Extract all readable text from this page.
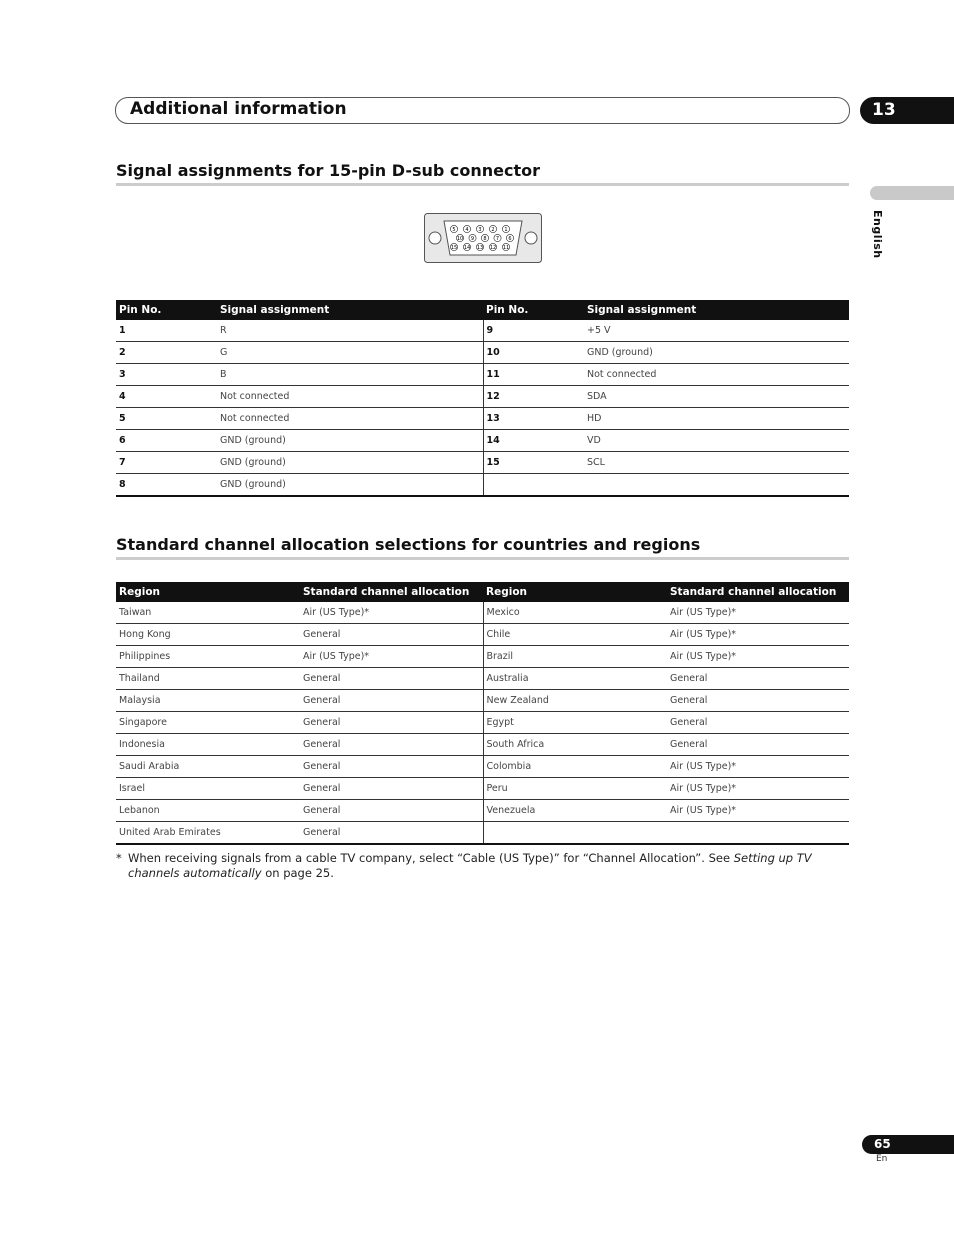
Additional information	13
English
Signal assignments for 15-pin D-sub connector
5 4 3 2 1
10 9 8 7 6
15 14 13 12 11
Pin No.	Signal assignment	Pin No.	Signal assignment
1	R	9	+5 V
2	G	10	GND (ground)
3	B	11	Not connected
4	Not connected	12	SDA
5	Not connected	13	HD
6	GND (ground)	14	VD
7	GND (ground)	15	SCL
8	GND (ground)		
Standard channel allocation selections for countries and regions
Region	Standard channel allocation	Region	Standard channel allocation
Taiwan	Air (US Type)*	Mexico	Air (US Type)*
Hong Kong	General	Chile	Air (US Type)*
Philippines	Air (US Type)*	Brazil	Air (US Type)*
Thailand	General	Australia	General
Malaysia	General	New Zealand	General
Singapore	General	Egypt	General
Indonesia	General	South Africa	General
Saudi Arabia	General	Colombia	Air (US Type)*
Israel	General	Peru	Air (US Type)*
Lebanon	General	Venezuela	Air (US Type)*
United Arab Emirates	General		
* When receiving signals from a cable TV company, select “Cable (US Type)” for “Channel Allocation”. See Setting up TV channels automatically on page 25.
65
En
